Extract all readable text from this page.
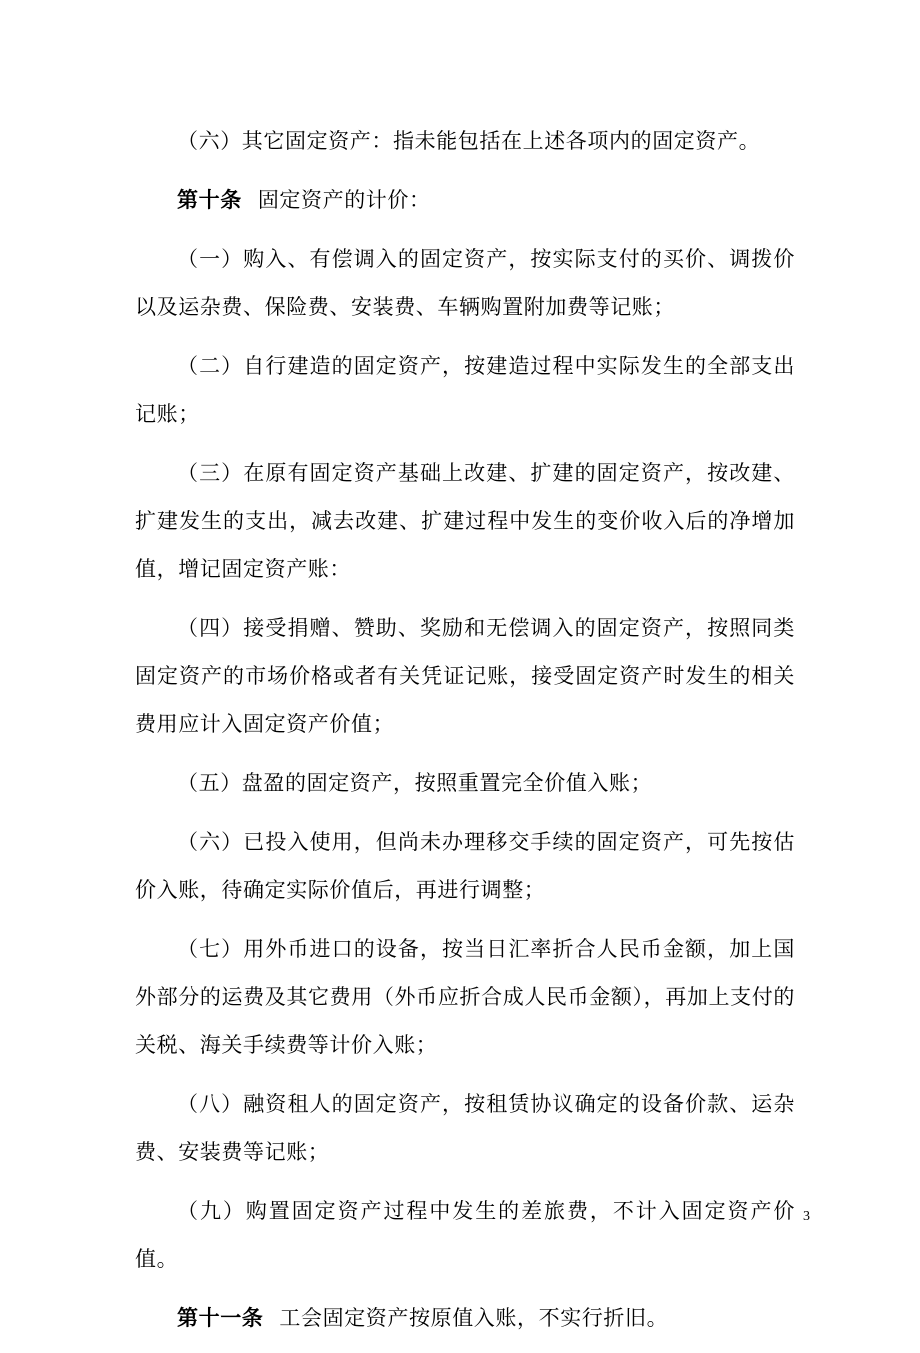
（六）其它固定资产：指未能包括在上述各项内的固定资产。

第十条 固定资产的计价：

（一）购入、有偿调入的固定资产，按实际支付的买价、调拨价以及运杂费、保险费、安装费、车辆购置附加费等记账；

（二）自行建造的固定资产，按建造过程中实际发生的全部支出记账；

（三）在原有固定资产基础上改建、扩建的固定资产，按改建、扩建发生的支出，减去改建、扩建过程中发生的变价收入后的净增加值，增记固定资产账：

（四）接受捐赠、赞助、奖励和无偿调入的固定资产，按照同类固定资产的市场价格或者有关凭证记账，接受固定资产时发生的相关费用应计入固定资产价值；

（五）盘盈的固定资产，按照重置完全价值入账；

（六）已投入使用，但尚未办理移交手续的固定资产，可先按估价入账，待确定实际价值后，再进行调整；

（七）用外币进口的设备，按当日汇率折合人民币金额，加上国外部分的运费及其它费用（外币应折合成人民币金额），再加上支付的关税、海关手续费等计价入账；

（八）融资租人的固定资产，按租赁协议确定的设备价款、运杂费、安装费等记账；

（九）购置固定资产过程中发生的差旅费，不计入固定资产价值。

第十一条 工会固定资产按原值入账，不实行折旧。

3
